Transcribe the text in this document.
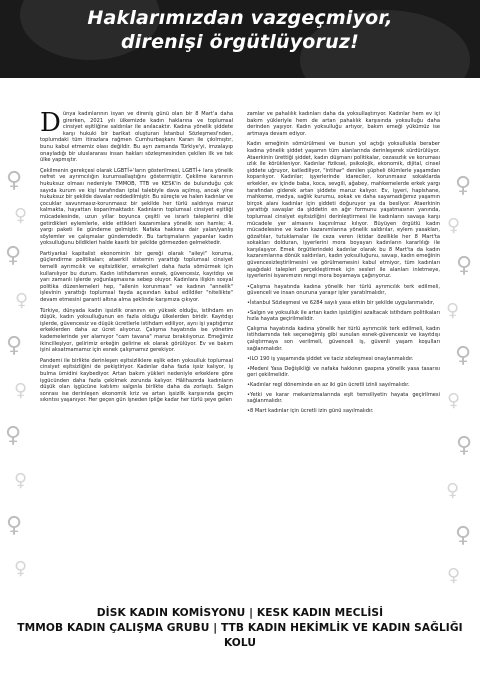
Haklarımızdan vazgeçmiyor,
direnişi örgütlüyoruz!
♀
♀
♀
♀
♀
♀
♀
♀
♀
♀
♀
♀
♀
♀
♀
♀
♀
♀
♀
♀

Dünya kadınlarının isyan ve direniş günü olan bir 8 Mart'a daha girerken, 2021 yılı ülkemizde kadın haklarına ve toplumsal cinsiyet eşitliğine saldırılar ile anılacaktır. Kadına yönelik şiddete karşı hukuki bir barikat oluşturan İstanbul Sözleşmesi'nden, toplumdaki tüm itirazlara rağmen Cumhurbaşkanı Kararı ile çıkılmıştır, bunu kabul etmemiz olası değildir. Bu ayrı zamanda Türkiye'yi, imzalayıp onayladığı bir uluslararası insan hakları sözleşmesinden çekilen ilk ve tek ülke yapmıştır.

Çekilmenin gerekçesi olarak LGBTİ+'ların gösterilmesi, LGBTİ+ lara yönelik nefret ve ayrımcılığın kurumsallaştığını göstermiştir. Çekilme kararının hukuksuz olması nedeniyle TMMOB, TTB ve KESK'in de bulunduğu çok sayıda kurum ve kişi tarafından iptal talebiyle dava açılmış, ancak yine hukuksuz bir şekilde davalar reddedilmiştir. Bu süreçte ve halen kadınlar ve çocuklar savunmasız-korunmasız bir şekilde her türlü saldırıya maruz kalmakta, hayattan koparılmaktadır. Kadınların toplumsal cinsiyet eşitliği mücadelesinde, uzun yıllar boyunca çeşitli ve israrlı taleplerini dile getirdikleri eylemlerle, elde ettikleri kazanımlara yönelik son hamle; 4. yargı paketi ile gündeme gelmiştir. Nafaka hakkına dair yalan/yanlış söylemler ve çalışmalar gündemdedir. Bu tartışmaların yapanlar kadın yoksulluğunu bildikleri halde kasıtlı bir şekilde görmezden gelmektedir.

Partiyarkal kapitalist ekonominin bir gereği olarak "aileyi" koruma, güçlendirme politikaları; ataerkil sistemin yarattığı toplumsal cinsiyet temelli ayrımcılık ve eşitsizlikler, emekçileri daha fazla sömürmek için kullanılıyor bu durum. Kadın istihdamının esnek, güvencesiz, kayıtdışı ve yarı zamanlı işlerde yoğunlaşmasına sebep oluyor. Kadınlara ilişkin sosyal politika düzenlemeleri hep, "ailenin korunması" ve kadının "annelik" işlevinin yarattığı toplumsal fayda açısından kabul edildiler "niteliikte" devam etmesini garanti altına alma şeklinde karşımıza çıkıyor.

Türkiye, dünyada kadın işsizlik oranının en yüksek olduğu, istihdam en düşük, kadın yoksulluğunun en fazla olduğu ülkelerden biridir. Kayıtdışı işlerde, güvencesiz ve düşük ücretlerle istihdam ediliyor, aynı işi yaptığımız erkeklerden daha az ücret alıyoruz. Çalışma hayatında ise yönetim kademelerinde yer alamıyor "cam tavana" maruz bırakılıyoruz. Emeğimiz ikincilleşiyor, gelirimiz erkeğin gelirine ek olarak görülüyor. Ev ve bakım işini aksatmamamız için esnek çalışmamız gerekiyor.

Pandemi ile birlikte derinleşen eşitsizliklere eşlik eden yoksulluk toplumsal cinsiyet eşitsizliğini de pekiştiriyor. Kadınlar daha fazla işsiz kalıyor, iş bulma ümidini kaybediyor. Artan bakım yükleri nedeniyle erkeklere göre işgücünden daha fazla çekilmek zorunda kalıyor. Hâlihazırda kadınların düşük olan işgücüne katılımı salgınla birlikte daha da zorlaştı. Salgın sonrası ise derinleşen ekonomik kriz ve artan işsizlik karşısında geçim sıkıntısı yaşanıyor. Her geçen gün işneden ipliğe kadar her türlü şeye gelen

zamlar ve pahalılık kadınları daha da yoksullaştırıyor. Kadınlar hem ev içi bakım yükleriyle hem de artan pahalılık karşısında yoksulluğu daha derinden yaşıyor. Kadın yoksulluğu artıyor, bakım emeği yükümüz ise artmaya devam ediyor.

Kadın emeğinin sömürülmesi ve bunun yol açtığı yoksullukla beraber kadına yönelik şiddet yaşamın tüm alanlarında derinleşerek sürdürülüyor. Ataerkinin ürettiği şiddet, kadın düşmanı politikalar, cezasızlık ve koruması ızlık ile körükleniyor. Kadınlar fiziksel, psikolojik, ekonomik, dijital, cinsel şiddete uğruyor, katlediliyor, "intihar" denilen şüpheli ölümlerle yaşamdan koparılıyor. Kadınlar; işyerlerinde idareciler, korunmasız sokaklarda erkekler, ev içinde baba, koca, sevgili, ağabey, mahkemelerde erkek yargı tarafından giderek artan şiddete maruz kalıyor. Ev, işyeri, hapishane, mahkeme, medya, sağlık kurumu, sokak ve daha sayamadığımız yaşamın birçok alanı kadınlar için şiddeti doğuruyor ya da besliyor. Ataerkinin yarattığı savaşlar da şiddetin en ağır formunu yaşatmasının yanında, toplumsal cinsiyet eşitsizliğini derinleştirmesi ile kadınların savaşa karşı mücadele yer almasını kaçınılmaz kılıyor. Büyüyen örgütlü kadın mücadelesine ve kadın kazanımlarına yönelik saldırılar, eylem yasakları, gözaltılar, tutuklamalar ile ceza veren iktidar özellikle her 8 Mart'ta sokakları dolduran, işyerlerini mora boyayan kadınların kararlılığı ile karşılaşıyor. Emek örgütlerindeki kadınlar olarak bu 8 Mart'ta da kadın kazanımlarına dönük saldırıları, kadın yoksulluğunu, savaşı, kadın emeğinin güvencesizleştirilmesini ve görülmemesini kabul etmiyor, tüm kadınları aşağıdaki talepleri gerçekleştirmek için sesleri ile alanları inletmeye, işyerlerini isyanımızın rengi mora boyamaya çağırıyoruz.

•Çalışma hayatında kadına yönelik her türlü ayrımcılık terk edilmeli, güvenceli ve insan onuruna yaraşır işler yaratılmalıdır,

•İstanbul Sözleşmesi ve 6284 sayılı yasa etkin bir şekilde uygulanmalıdır,

•Salgın ve yoksulluk ile artan kadın işsizliğini azaltacak istihdam politikaları hızla hayata geçirilmelidir.

Çalışma hayatında kadına yönelik her türlü ayrımcılık terk edilmeli, kadın istihdamında tek seçeneğimiş gibi sunulan esnek-güvencesiz ve kayıtdışı çalıştırmaya son verilmeli, güvenceli iş, güvenli yaşam koşulları sağlanmalıdır.

•ILO 190 iş yaşamında şiddet ve taciz sözleşmesi onaylanmalıdır.

•Medeni Yasa Değişikliği ve nafaka hakkının gaspına yönelik yasa tasarısı geri çekilmelidir.

•Kadınlar regl döneminde en az iki gün ücretli izinli sayılmalıdır.

•Yetki ve karar mekanizmalarında eşit temsiliyetin hayata geçirilmesi sağlanmalıdır.

•8 Mart kadınlar için ücretli izin günü sayılmalıdır.

DİSK KADIN KOMİSYONU | KESK KADIN MECLİSİ
TMMOB KADIN ÇALIŞMA GRUBU | TTB KADIN HEKİMLİK VE KADIN SAĞLIĞI KOLU
